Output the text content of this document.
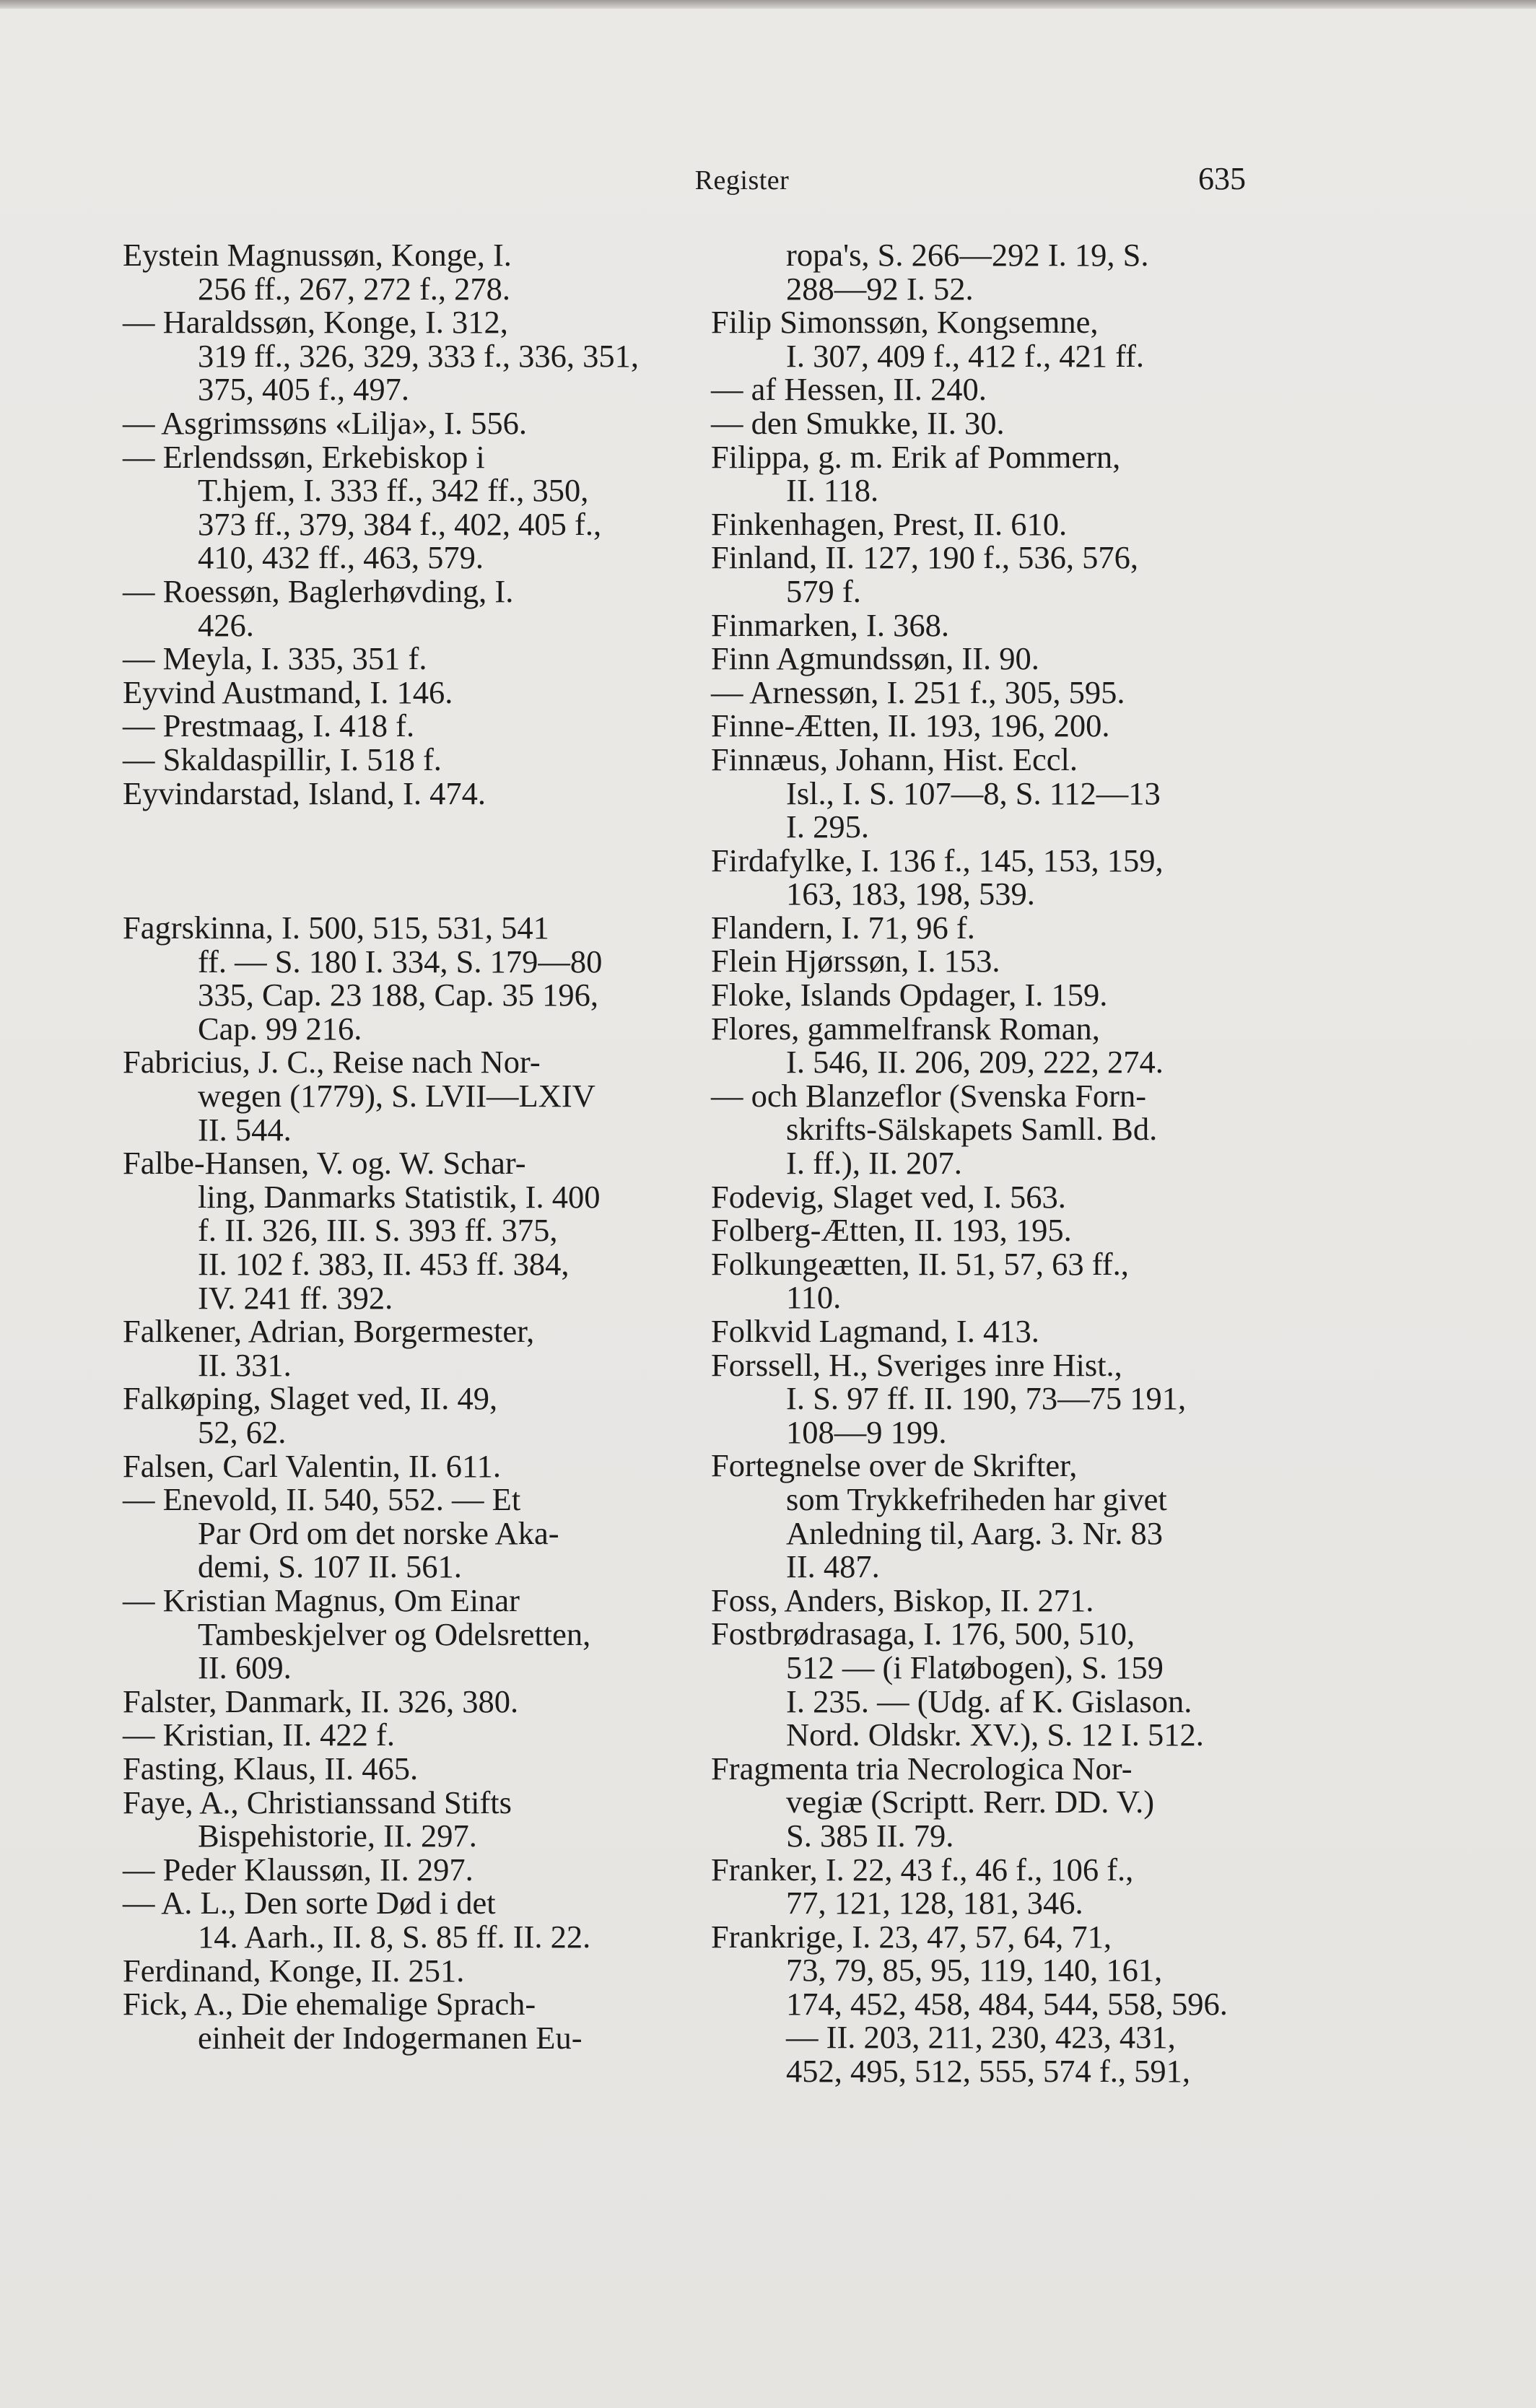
Register	635
Eystein Magnussøn, Konge, I.
256 ff., 267, 272 f., 278.
— Haraldssøn, Konge, I. 312,
319 ff., 326, 329, 333 f., 336, 351,
375, 405 f., 497.
— Asgrimssøns «Lilja», I. 556.
— Erlendssøn, Erkebiskop i
T.hjem, I. 333 ff., 342 ff., 350,
373 ff., 379, 384 f., 402, 405 f.,
410, 432 ff., 463, 579.
— Roessøn, Baglerhøvding, I.
426.
— Meyla, I. 335, 351 f.
Eyvind Austmand, I. 146.
— Prestmaag, I. 418 f.
— Skaldaspillir, I. 518 f.
Eyvindarstad, Island, I. 474.
Fagrskinna, I. 500, 515, 531, 541
ff. — S. 180 I. 334, S. 179—80
335, Cap. 23 188, Cap. 35 196,
Cap. 99 216.
Fabricius, J. C., Reise nach Nor-
wegen (1779), S. LVII—LXIV
II. 544.
Falbe-Hansen, V. og. W. Schar-
ling, Danmarks Statistik, I. 400
f. II. 326, III. S. 393 ff. 375,
II. 102 f. 383, II. 453 ff. 384,
IV. 241 ff. 392.
Falkener, Adrian, Borgermester,
II. 331.
Falkøping, Slaget ved, II. 49,
52, 62.
Falsen, Carl Valentin, II. 611.
— Enevold, II. 540, 552. — Et
Par Ord om det norske Aka-
demi, S. 107 II. 561.
— Kristian Magnus, Om Einar
Tambeskjelver og Odelsretten,
II. 609.
Falster, Danmark, II. 326, 380.
— Kristian, II. 422 f.
Fasting, Klaus, II. 465.
Faye, A., Christianssand Stifts
Bispehistorie, II. 297.
— Peder Klaussøn, II. 297.
— A. L., Den sorte Død i det
14. Aarh., II. 8, S. 85 ff. II. 22.
Ferdinand, Konge, II. 251.
Fick, A., Die ehemalige Sprach-
einheit der Indogermanen Eu-
ropa's, S. 266—292 I. 19, S.
288—92 I. 52.
Filip Simonssøn, Kongsemne,
I. 307, 409 f., 412 f., 421 ff.
— af Hessen, II. 240.
— den Smukke, II. 30.
Filippa, g. m. Erik af Pommern,
II. 118.
Finkenhagen, Prest, II. 610.
Finland, II. 127, 190 f., 536, 576,
579 f.
Finmarken, I. 368.
Finn Agmundssøn, II. 90.
— Arnessøn, I. 251 f., 305, 595.
Finne-Ætten, II. 193, 196, 200.
Finnæus, Johann, Hist. Eccl.
Isl., I. S. 107—8, S. 112—13
I. 295.
Firdafylke, I. 136 f., 145, 153, 159,
163, 183, 198, 539.
Flandern, I. 71, 96 f.
Flein Hjørssøn, I. 153.
Floke, Islands Opdager, I. 159.
Flores, gammelfransk Roman,
I. 546, II. 206, 209, 222, 274.
— och Blanzeflor (Svenska Forn-
skrifts-Sälskapets Samll. Bd.
I. ff.), II. 207.
Fodevig, Slaget ved, I. 563.
Folberg-Ætten, II. 193, 195.
Folkungeætten, II. 51, 57, 63 ff.,
110.
Folkvid Lagmand, I. 413.
Forssell, H., Sveriges inre Hist.,
I. S. 97 ff. II. 190, 73—75 191,
108—9 199.
Fortegnelse over de Skrifter,
som Trykkefriheden har givet
Anledning til, Aarg. 3. Nr. 83
II. 487.
Foss, Anders, Biskop, II. 271.
Fostbrødrasaga, I. 176, 500, 510,
512 — (i Flatøbogen), S. 159
I. 235. — (Udg. af K. Gislason.
Nord. Oldskr. XV.), S. 12 I. 512.
Fragmenta tria Necrologica Nor-
vegiæ (Scriptt. Rerr. DD. V.)
S. 385 II. 79.
Franker, I. 22, 43 f., 46 f., 106 f.,
77, 121, 128, 181, 346.
Frankrige, I. 23, 47, 57, 64, 71,
73, 79, 85, 95, 119, 140, 161,
174, 452, 458, 484, 544, 558, 596.
— II. 203, 211, 230, 423, 431,
452, 495, 512, 555, 574 f., 591,
